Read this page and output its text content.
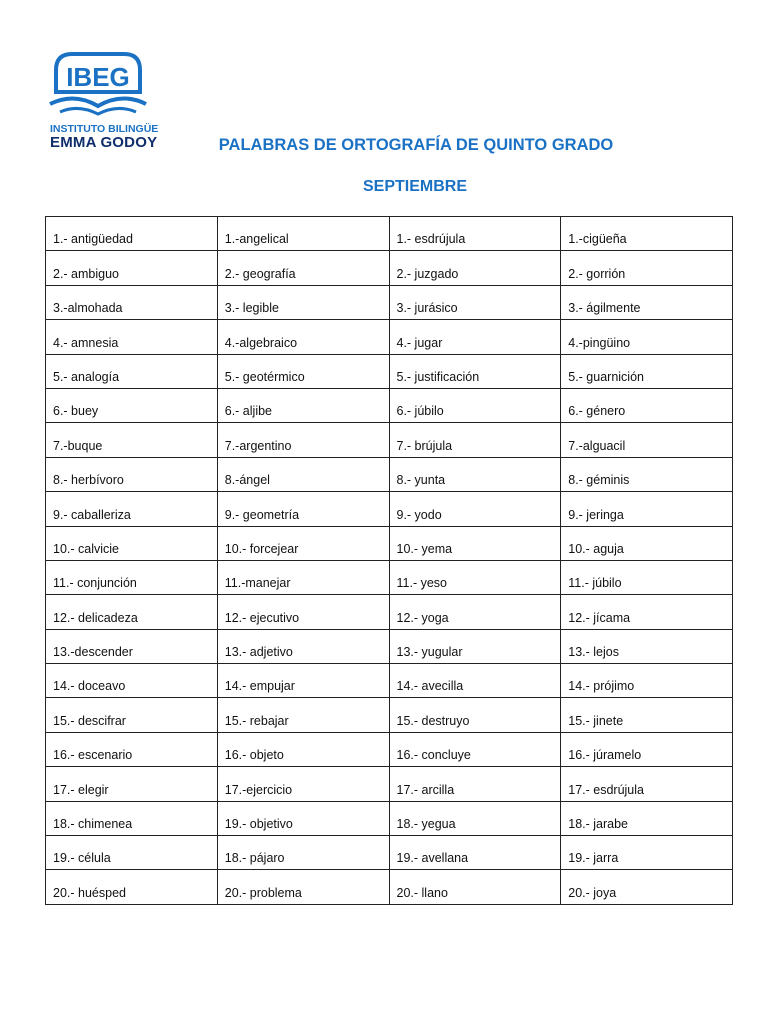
IBEG
INSTITUTO BILINGÜE
EMMA GODOY	PALABRAS DE ORTOGRAFÍA DE QUINTO GRADO
SEPTIEMBRE
1.- antigüedad	1.-angelical	1.- esdrújula	1.-cigüeña
2.- ambiguo	2.- geografía	2.- juzgado	2.- gorrión
3.-almohada	3.- legible	3.- jurásico	3.- ágilmente
4.- amnesia	4.-algebraico	4.- jugar	4.-pingüino
5.- analogía	5.- geotérmico	5.- justificación	5.- guarnición
6.- buey	6.- aljibe	6.- júbilo	6.- género
7.-buque	7.-argentino	7.- brújula	7.-alguacil
8.- herbívoro	8.-ángel	8.- yunta	8.- géminis
9.- caballeriza	9.- geometría	9.- yodo	9.- jeringa
10.- calvicie	10.- forcejear	10.- yema	10.- aguja
11.- conjunción	11.-manejar	11.- yeso	11.- júbilo
12.- delicadeza	12.- ejecutivo	12.- yoga	12.- jícama
13.-descender	13.- adjetivo	13.- yugular	13.- lejos
14.- doceavo	14.- empujar	14.- avecilla	14.- prójimo
15.- descifrar	15.- rebajar	15.- destruyo	15.- jinete
16.- escenario	16.- objeto	16.- concluye	16.- júramelo
17.- elegir	17.-ejercicio	17.- arcilla	17.- esdrújula
18.- chimenea	19.- objetivo	18.- yegua	18.- jarabe
19.- célula	18.- pájaro	19.- avellana	19.- jarra
20.- huésped	20.- problema	20.- llano	20.- joya
